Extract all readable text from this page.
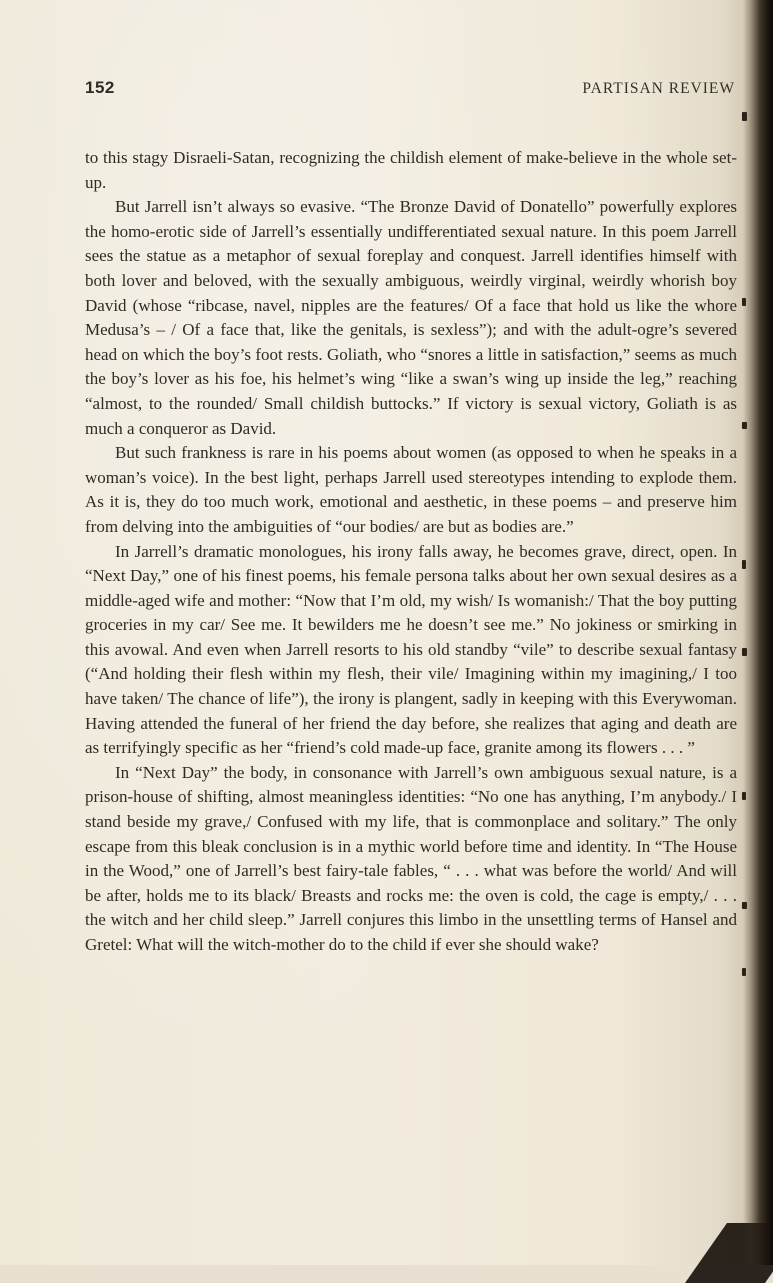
152	PARTISAN REVIEW

to this stagy Disraeli-Satan, recognizing the childish element of make-believe in the whole set-up.

But Jarrell isn’t always so evasive. “The Bronze David of Donatello” powerfully explores the homo-erotic side of Jarrell’s essentially undifferentiated sexual nature. In this poem Jarrell sees the statue as a metaphor of sexual foreplay and conquest. Jarrell identifies himself with both lover and beloved, with the sexually ambiguous, weirdly virginal, weirdly whorish boy David (whose “ribcase, navel, nipples are the features/ Of a face that hold us like the whore Medusa’s – / Of a face that, like the genitals, is sexless”); and with the adult-ogre’s severed head on which the boy’s foot rests. Goliath, who “snores a little in satisfaction,” seems as much the boy’s lover as his foe, his helmet’s wing “like a swan’s wing up inside the leg,” reaching “almost, to the rounded/ Small childish buttocks.” If victory is sexual victory, Goliath is as much a conqueror as David.

But such frankness is rare in his poems about women (as opposed to when he speaks in a woman’s voice). In the best light, perhaps Jarrell used stereotypes intending to explode them. As it is, they do too much work, emotional and aesthetic, in these poems – and preserve him from delving into the ambiguities of “our bodies/ are but as bodies are.”

In Jarrell’s dramatic monologues, his irony falls away, he becomes grave, direct, open. In “Next Day,” one of his finest poems, his female persona talks about her own sexual desires as a middle-aged wife and mother: “Now that I’m old, my wish/ Is womanish:/ That the boy putting groceries in my car/ See me. It bewilders me he doesn’t see me.” No jokiness or smirking in this avowal. And even when Jarrell resorts to his old standby “vile” to describe sexual fantasy (“And holding their flesh within my flesh, their vile/ Imagining within my imagining,/ I too have taken/ The chance of life”), the irony is plangent, sadly in keeping with this Everywoman. Having attended the funeral of her friend the day before, she realizes that aging and death are as terrifyingly specific as her “friend’s cold made-up face, granite among its flowers . . . ”

In “Next Day” the body, in consonance with Jarrell’s own ambiguous sexual nature, is a prison-house of shifting, almost meaningless identities: “No one has anything, I’m anybody./ I stand beside my grave,/ Confused with my life, that is commonplace and solitary.” The only escape from this bleak conclusion is in a mythic world before time and identity. In “The House in the Wood,” one of Jarrell’s best fairy-tale fables, “ . . . what was before the world/ And will be after, holds me to its black/ Breasts and rocks me: the oven is cold, the cage is empty,/ . . . the witch and her child sleep.” Jarrell conjures this limbo in the unsettling terms of Hansel and Gretel: What will the witch-mother do to the child if ever she should wake?
